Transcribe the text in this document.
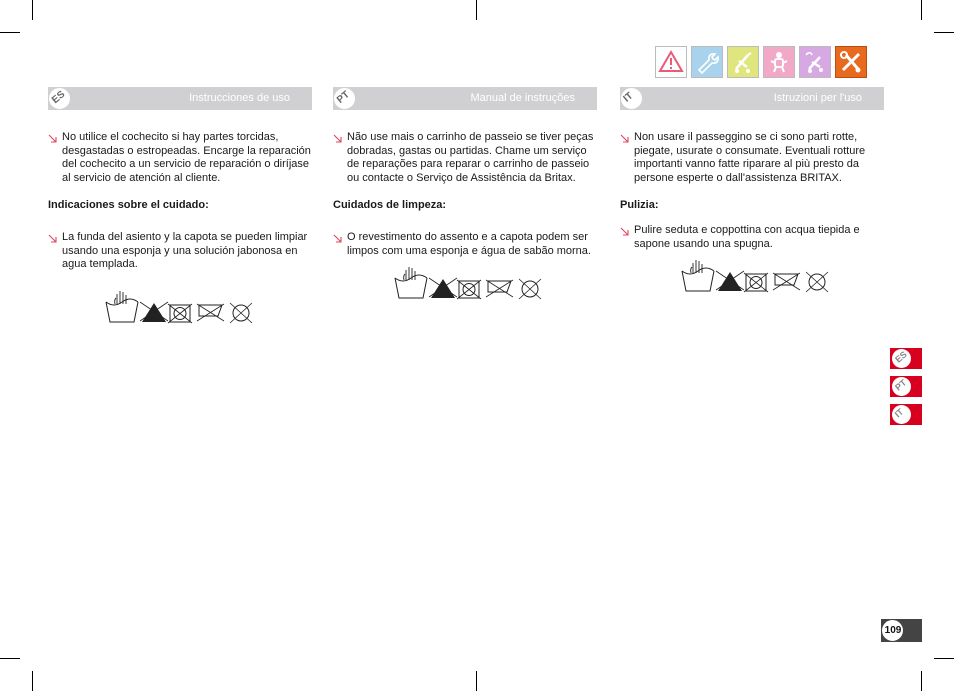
ES	Instrucciones de uso

No utilice el cochecito si hay partes torcidas, desgastadas o estropeadas. Encarge la reparación del cochecito a un servicio de reparación o diríjase al servicio de atención al cliente.

Indicaciones sobre el cuidado:

La funda del asiento y la capota se pueden limpiar usando una esponja y una solución jabonosa en agua templada.

PT	Manual de instruções

Não use mais o carrinho de passeio se tiver peças dobradas, gastas ou partidas. Chame um serviço de reparações para reparar o carrinho de passeio ou contacte o Serviço de Assistência da Britax.

Cuidados de limpeza:

O revestimento do assento e a capota podem ser limpos com uma esponja e água de sabão morna.

IT	Istruzioni per l'uso

Non usare il passeggino se ci sono parti rotte, piegate, usurate o consumate. Eventuali rotture importanti vanno fatte riparare al più presto da persone esperte o dall'assistenza BRITAX.

Pulizia:

Pulire seduta e coppottina con acqua tiepida e sapone usando una spugna.

ES
PT
IT
109
